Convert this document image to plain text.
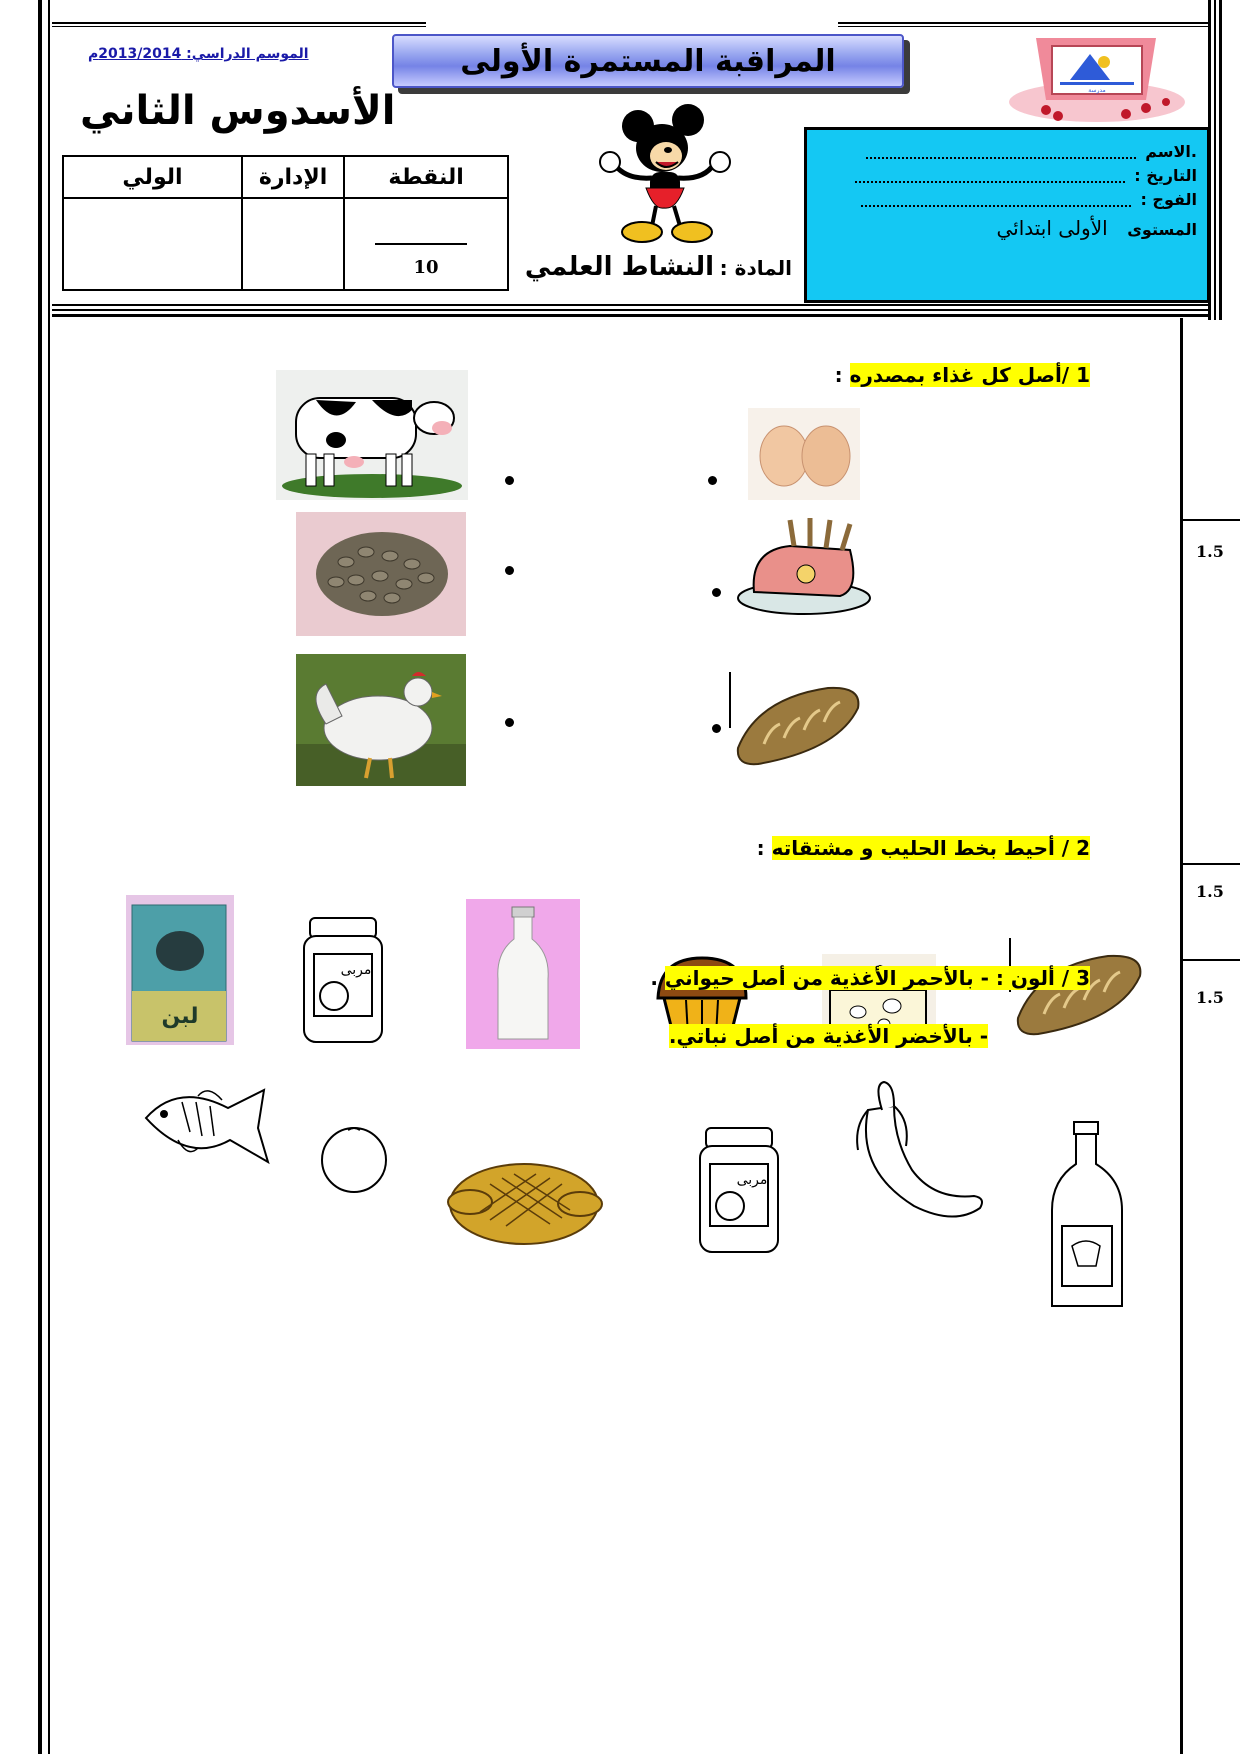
الموسم الدراسي: 2013/2014م	المراقبة المستمرة الأولى
الأسدوس الثاني	مدرسة
المادة : النشاط العلمي
.الاسم
التاريخ :
الفوج :
المستوى الأولى ابتدائي
الولي	الإدارة	النقطة

		10
1 /أصل كل غذاء بمصدره :
1.5
2 / أحيط بخط الحليب و مشتقاته :
1.5
لبن
مربى	3 / ألون : - بالأحمر الأغذية من أصل حيواني .
- بالأخضر الأغذية من أصل نباتي.
1.5
مربى
